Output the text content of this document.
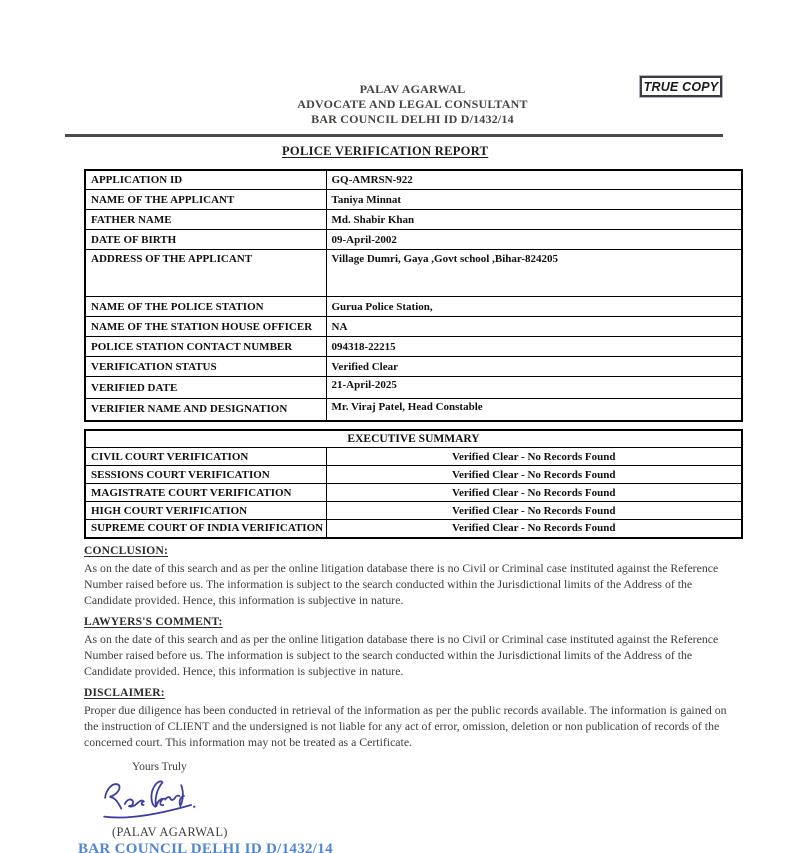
TRUE COPY
PALAV AGARWAL
ADVOCATE AND LEGAL CONSULTANT
BAR COUNCIL DELHI ID D/1432/14
POLICE VERIFICATION REPORT
APPLICATION ID	GQ-AMRSN-922
NAME OF THE APPLICANT	Taniya Minnat
FATHER NAME	Md. Shabir Khan
DATE OF BIRTH	09-April-2002
ADDRESS OF THE APPLICANT	Village Dumri, Gaya ,Govt school ,Bihar-824205
NAME OF THE POLICE STATION	Gurua Police Station,
NAME OF THE STATION HOUSE OFFICER	NA
POLICE STATION CONTACT NUMBER	094318-22215
VERIFICATION STATUS	Verified Clear
VERIFIED DATE	21-April-2025
VERIFIER NAME AND DESIGNATION	Mr. Viraj Patel, Head Constable
EXECUTIVE SUMMARY	
CIVIL COURT VERIFICATION	Verified Clear - No Records Found
SESSIONS COURT VERIFICATION	Verified Clear - No Records Found
MAGISTRATE COURT VERIFICATION	Verified Clear - No Records Found
HIGH COURT VERIFICATION	Verified Clear - No Records Found
SUPREME COURT OF INDIA VERIFICATION	Verified Clear - No Records Found
CONCLUSION:
As on the date of this search and as per the online litigation database there is no Civil or Criminal case instituted against the Reference Number raised before us. The information is subject to the search conducted within the Jurisdictional limits of the Address of the Candidate provided. Hence, this information is subjective in nature.
LAWYERS'S COMMENT:
As on the date of this search and as per the online litigation database there is no Civil or Criminal case instituted against the Reference Number raised before us. The information is subject to the search conducted within the Jurisdictional limits of the Address of the Candidate provided. Hence, this information is subjective in nature.
DISCLAIMER:
Proper due diligence has been conducted in retrieval of the information as per the public records available. The information is gained on the instruction of CLIENT and the undersigned is not liable for any act of error, omission, deletion or non publication of records of the concerned court. This information may not be treated as a Certificate.
Yours Truly
(PALAV AGARWAL)
BAR COUNCIL DELHI ID D/1432/14
